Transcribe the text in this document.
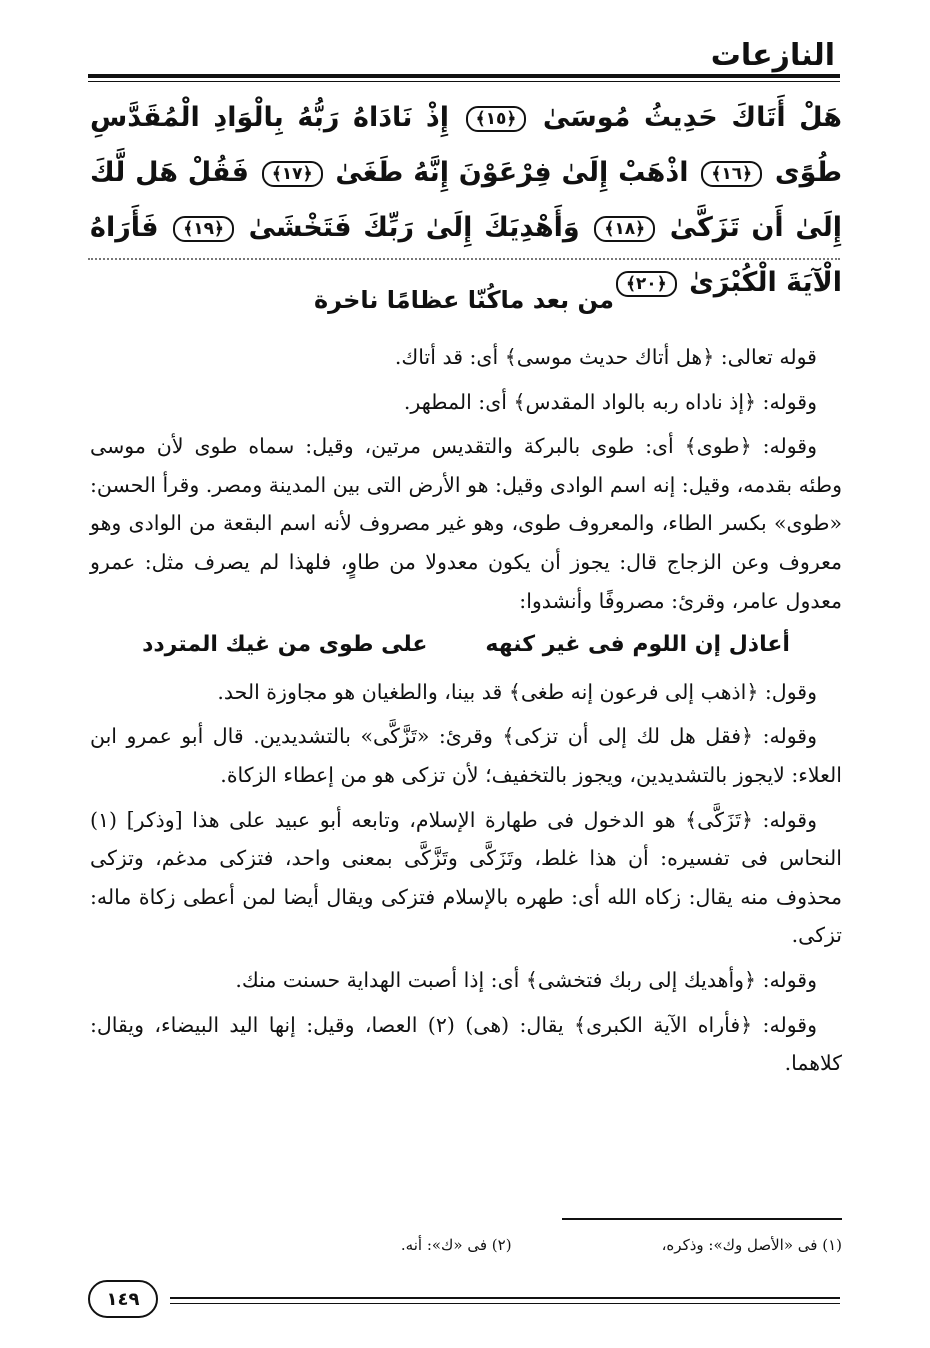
النازعات
هَلْ أَتَاكَ حَدِيثُ مُوسَىٰ ﴿١٥﴾ إِذْ نَادَاهُ رَبُّهُ بِالْوَادِ الْمُقَدَّسِ طُوًى ﴿١٦﴾ اذْهَبْ إِلَىٰ فِرْعَوْنَ إِنَّهُ طَغَىٰ ﴿١٧﴾ فَقُلْ هَل لَّكَ إِلَىٰ أَن تَزَكَّىٰ ﴿١٨﴾ وَأَهْدِيَكَ إِلَىٰ رَبِّكَ فَتَخْشَىٰ ﴿١٩﴾ فَأَرَاهُ الْآيَةَ الْكُبْرَىٰ ﴿٢٠﴾
من بعد ماكُنّا عظامًا ناخرة

قوله تعالى: ﴿هل أتاك حديث موسى﴾ أى: قد أتاك.

وقوله: ﴿إذ ناداه ربه بالواد المقدس﴾ أى: المطهر.

وقوله: ﴿طوى﴾ أى: طوى بالبركة والتقديس مرتين، وقيل: سماه طوى لأن موسى وطئه بقدمه، وقيل: إنه اسم الوادى وقيل: هو الأرض التى بين المدينة ومصر. وقرأ الحسن: «طوى» بكسر الطاء، والمعروف طوى، وهو غير مصروف لأنه اسم البقعة من الوادى وهو معروف وعن الزجاج قال: يجوز أن يكون معدولا من طاوٍ، فلهذا لم يصرف مثل: عمرو معدول عامر، وقرئ: مصروفًا وأنشدوا:

أعاذل إن اللوم فى غير كنهه
على طوى من غيك المتردد

وقول: ﴿اذهب إلى فرعون إنه طغى﴾ قد بينا، والطغيان هو مجاوزة الحد.

وقوله: ﴿فقل هل لك إلى أن تزكى﴾ وقرئ: «تَزَّكَّى» بالتشديدين. قال أبو عمرو ابن العلاء: لايجوز بالتشديدين، ويجوز بالتخفيف؛ لأن تزكى هو من إعطاء الزكاة.

وقوله: ﴿تَزَكَّى﴾ هو الدخول فى طهارة الإسلام، وتابعه أبو عبيد على هذا [وذكر] (١) النحاس فى تفسيره: أن هذا غلط، وتَزَكَّى وتَزَّكَّى بمعنى واحد، فتزكى مدغم، وتزكى محذوف منه يقال: زكاه الله أى: طهره بالإسلام فتزكى ويقال أيضا لمن أعطى زكاة ماله: تزكى.

وقوله: ﴿وأهديك إلى ربك فتخشى﴾ أى: إذا أصبت الهداية حسنت منك.

وقوله: ﴿فأراه الآية الكبرى﴾ يقال: (هى) (٢) العصا، وقيل: إنها اليد البيضاء، ويقال: كلاهما.

(١) فى «الأصل وك»: وذكره،
(٢) فى «ك»: أنه.
١٤٩
